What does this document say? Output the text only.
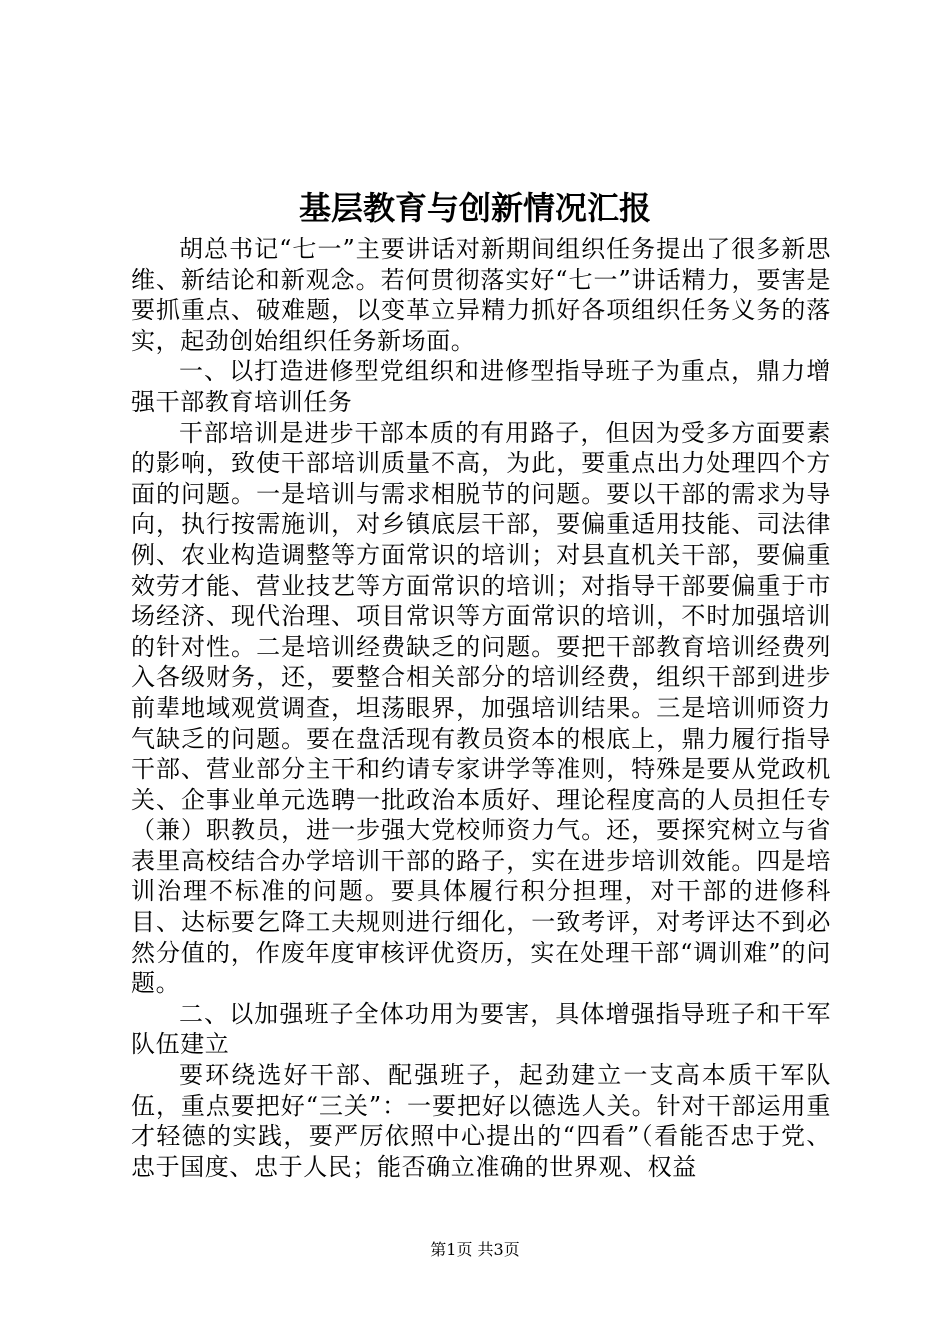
基层教育与创新情况汇报

胡总书记“七一”主要讲话对新期间组织任务提出了很多新思维、新结论和新观念。若何贯彻落实好“七一”讲话精力，要害是要抓重点、破难题，以变革立异精力抓好各项组织任务义务的落实，起劲创始组织任务新场面。

一、以打造进修型党组织和进修型指导班子为重点，鼎力增强干部教育培训任务

干部培训是进步干部本质的有用路子，但因为受多方面要素的影响，致使干部培训质量不高，为此，要重点出力处理四个方面的问题。一是培训与需求相脱节的问题。要以干部的需求为导向，执行按需施训，对乡镇底层干部，要偏重适用技能、司法律例、农业构造调整等方面常识的培训；对县直机关干部，要偏重效劳才能、营业技艺等方面常识的培训；对指导干部要偏重于市场经济、现代治理、项目常识等方面常识的培训，不时加强培训的针对性。二是培训经费缺乏的问题。要把干部教育培训经费列入各级财务，还，要整合相关部分的培训经费，组织干部到进步前辈地域观赏调查，坦荡眼界，加强培训结果。三是培训师资力气缺乏的问题。要在盘活现有教员资本的根底上，鼎力履行指导干部、营业部分主干和约请专家讲学等准则，特殊是要从党政机关、企事业单元选聘一批政治本质好、理论程度高的人员担任专（兼）职教员，进一步强大党校师资力气。还，要探究树立与省表里高校结合办学培训干部的路子，实在进步培训效能。四是培训治理不标准的问题。要具体履行积分担理，对干部的进修科目、达标要乞降工夫规则进行细化，一致考评，对考评达不到必然分值的，作废年度审核评优资历，实在处理干部“调训难”的问题。

二、以加强班子全体功用为要害，具体增强指导班子和干军队伍建立

要环绕选好干部、配强班子，起劲建立一支高本质干军队伍，重点要把好“三关”：一要把好以德选人关。针对干部运用重才轻德的实践，要严厉依照中心提出的“四看”（看能否忠于党、忠于国度、忠于人民；能否确立准确的世界观、权益

第1页 共3页
